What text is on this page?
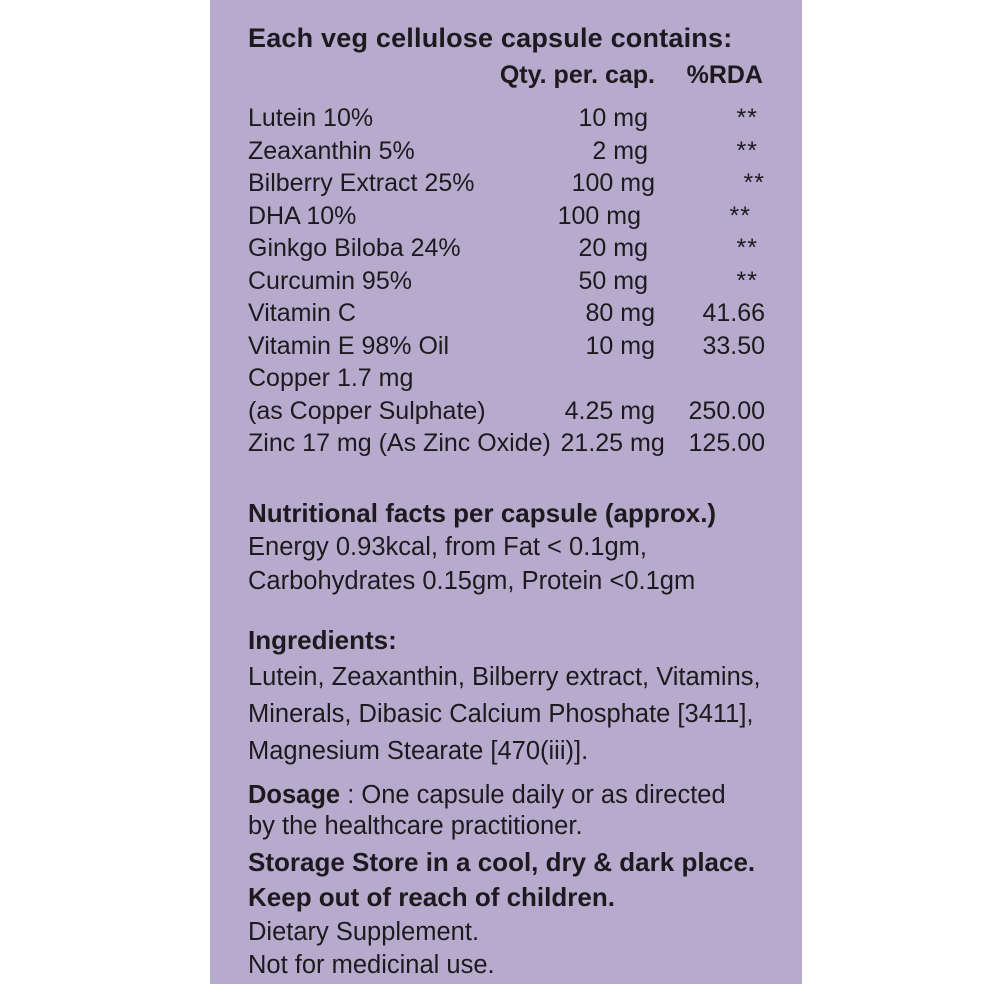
Each veg cellulose capsule contains:
Qty. per. cap.	%RDA
Lutein 10%	10 mg	**
Zeaxanthin 5%	2 mg	**
Bilberry Extract 25%	100 mg	**
DHA 10%	100 mg	**
Ginkgo Biloba 24%	20 mg	**
Curcumin 95%	50 mg	**
Vitamin C	80 mg	41.66
Vitamin E 98% Oil	10 mg	33.50
Copper 1.7 mg
(as Copper Sulphate)	4.25 mg	250.00
Zinc 17 mg (As Zinc Oxide) 21.25 mg 125.00
Nutritional facts per capsule (approx.)
Energy 0.93kcal, from Fat < 0.1gm,
Carbohydrates 0.15gm, Protein <0.1gm
Ingredients:
Lutein, Zeaxanthin, Bilberry extract, Vitamins,
Minerals, Dibasic Calcium Phosphate [3411],
Magnesium Stearate [470(iii)].
Dosage : One capsule daily or as directed
by the healthcare practitioner.
Storage Store in a cool, dry & dark place.
Keep out of reach of children.
Dietary Supplement.
Not for medicinal use.
